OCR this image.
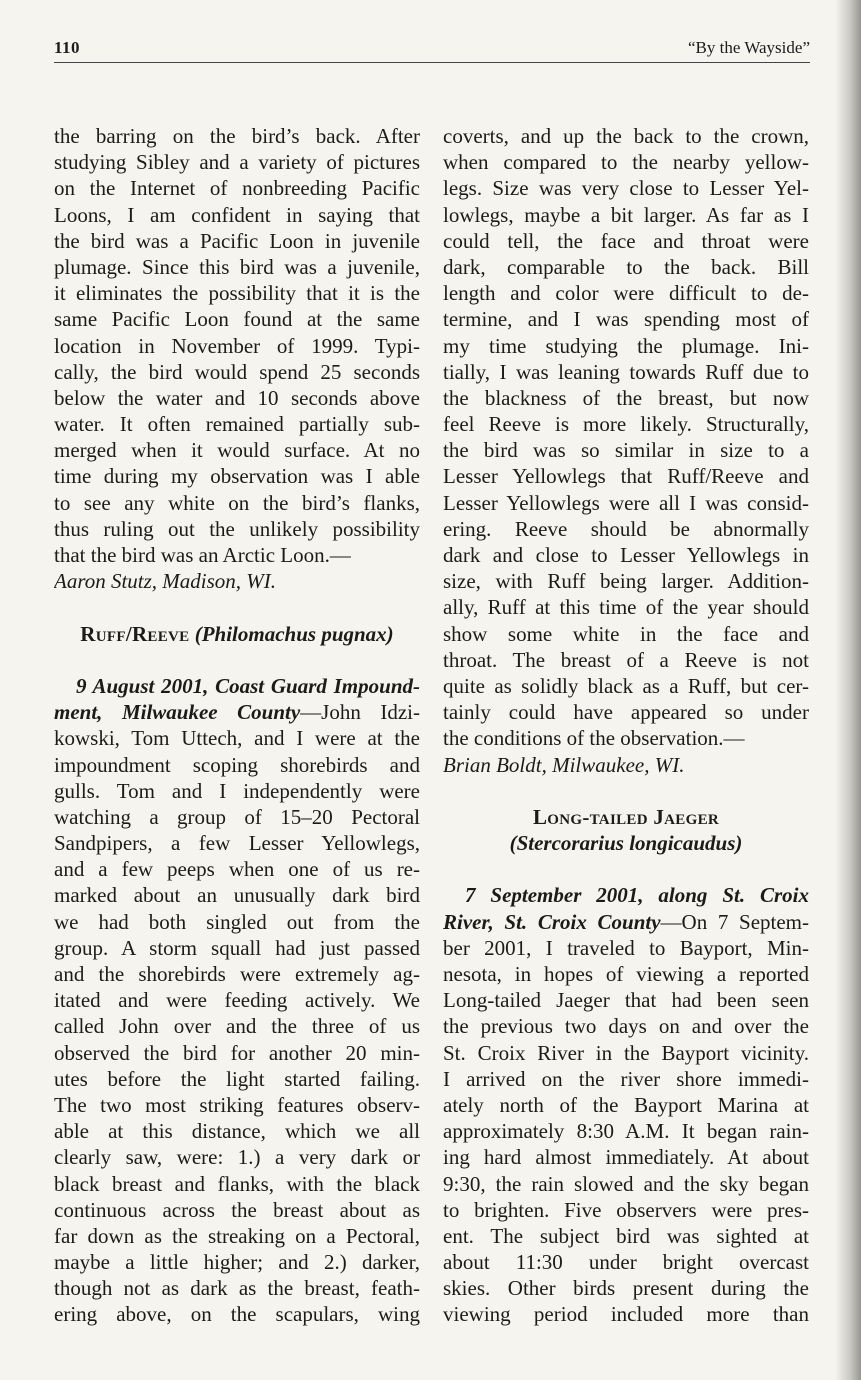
110	“By the Wayside”
the barring on the bird’s back. After
studying Sibley and a variety of pictures
on the Internet of nonbreeding Pacific
Loons, I am confident in saying that
the bird was a Pacific Loon in juvenile
plumage. Since this bird was a juvenile,
it eliminates the possibility that it is the
same Pacific Loon found at the same
location in November of 1999. Typi-
cally, the bird would spend 25 seconds
below the water and 10 seconds above
water. It often remained partially sub-
merged when it would surface. At no
time during my observation was I able
to see any white on the bird’s flanks,
thus ruling out the unlikely possibility
that the bird was an Arctic Loon.—
Aaron Stutz, Madison, WI.
Ruff/Reeve (Philomachus pugnax)
9 August 2001, Coast Guard Impound-
ment, Milwaukee County—John Idzi-
kowski, Tom Uttech, and I were at the
impoundment scoping shorebirds and
gulls. Tom and I independently were
watching a group of 15–20 Pectoral
Sandpipers, a few Lesser Yellowlegs,
and a few peeps when one of us re-
marked about an unusually dark bird
we had both singled out from the
group. A storm squall had just passed
and the shorebirds were extremely ag-
itated and were feeding actively. We
called John over and the three of us
observed the bird for another 20 min-
utes before the light started failing.
The two most striking features observ-
able at this distance, which we all
clearly saw, were: 1.) a very dark or
black breast and flanks, with the black
continuous across the breast about as
far down as the streaking on a Pectoral,
maybe a little higher; and 2.) darker,
though not as dark as the breast, feath-
ering above, on the scapulars, wing
coverts, and up the back to the crown,
when compared to the nearby yellow-
legs. Size was very close to Lesser Yel-
lowlegs, maybe a bit larger. As far as I
could tell, the face and throat were
dark, comparable to the back. Bill
length and color were difficult to de-
termine, and I was spending most of
my time studying the plumage. Ini-
tially, I was leaning towards Ruff due to
the blackness of the breast, but now
feel Reeve is more likely. Structurally,
the bird was so similar in size to a
Lesser Yellowlegs that Ruff/Reeve and
Lesser Yellowlegs were all I was consid-
ering. Reeve should be abnormally
dark and close to Lesser Yellowlegs in
size, with Ruff being larger. Addition-
ally, Ruff at this time of the year should
show some white in the face and
throat. The breast of a Reeve is not
quite as solidly black as a Ruff, but cer-
tainly could have appeared so under
the conditions of the observation.—
Brian Boldt, Milwaukee, WI.
Long-tailed Jaeger
(Stercorarius longicaudus)
7 September 2001, along St. Croix
River, St. Croix County—On 7 Septem-
ber 2001, I traveled to Bayport, Min-
nesota, in hopes of viewing a reported
Long-tailed Jaeger that had been seen
the previous two days on and over the
St. Croix River in the Bayport vicinity.
I arrived on the river shore immedi-
ately north of the Bayport Marina at
approximately 8:30 A.M. It began rain-
ing hard almost immediately. At about
9:30, the rain slowed and the sky began
to brighten. Five observers were pres-
ent. The subject bird was sighted at
about 11:30 under bright overcast
skies. Other birds present during the
viewing period included more than
